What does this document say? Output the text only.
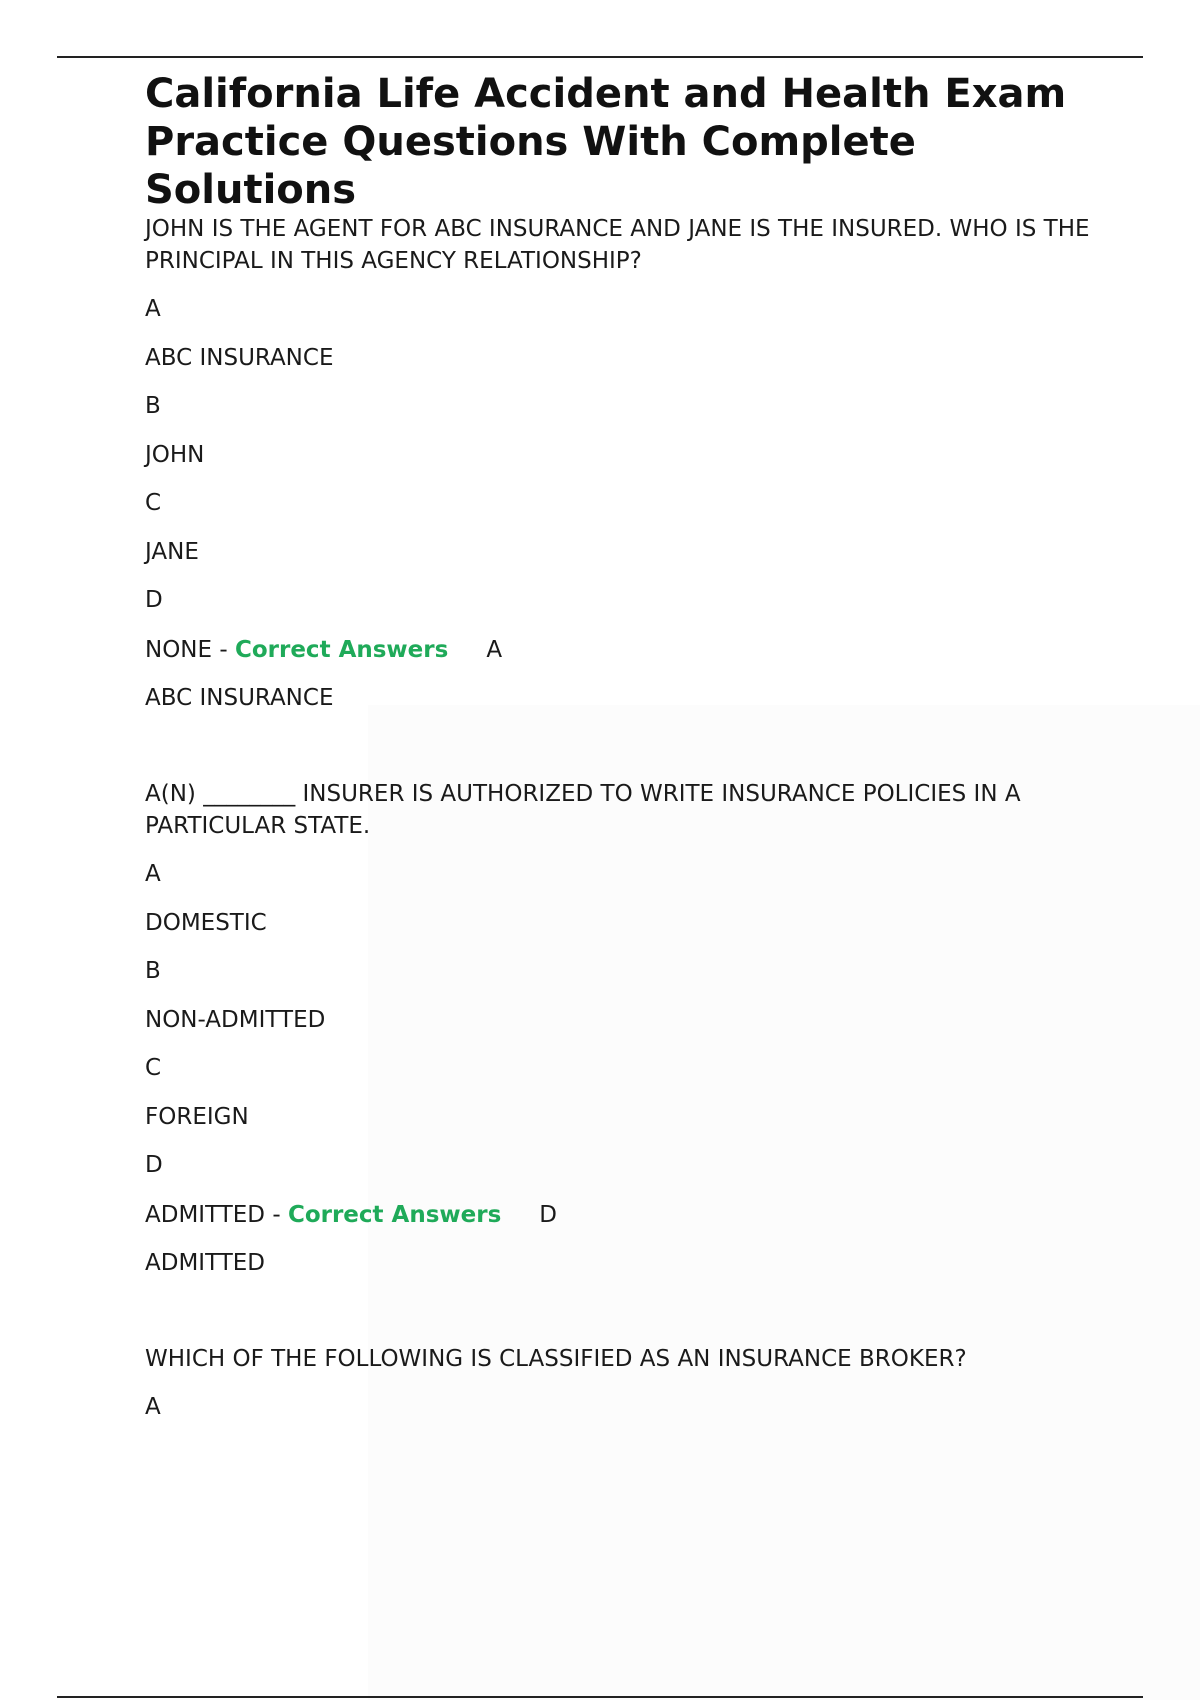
California Life Accident and Health Exam Practice Questions With Complete Solutions

JOHN IS THE AGENT FOR ABC INSURANCE AND JANE IS THE INSURED. WHO IS THE PRINCIPAL IN THIS AGENCY RELATIONSHIP?

A
ABC INSURANCE
B
JOHN
C
JANE
D
NONE - Correct Answers A
ABC INSURANCE

A(N) ________ INSURER IS AUTHORIZED TO WRITE INSURANCE POLICIES IN A PARTICULAR STATE.

A
DOMESTIC
B
NON-ADMITTED
C
FOREIGN
D
ADMITTED - Correct Answers D
ADMITTED

WHICH OF THE FOLLOWING IS CLASSIFIED AS AN INSURANCE BROKER?

A
